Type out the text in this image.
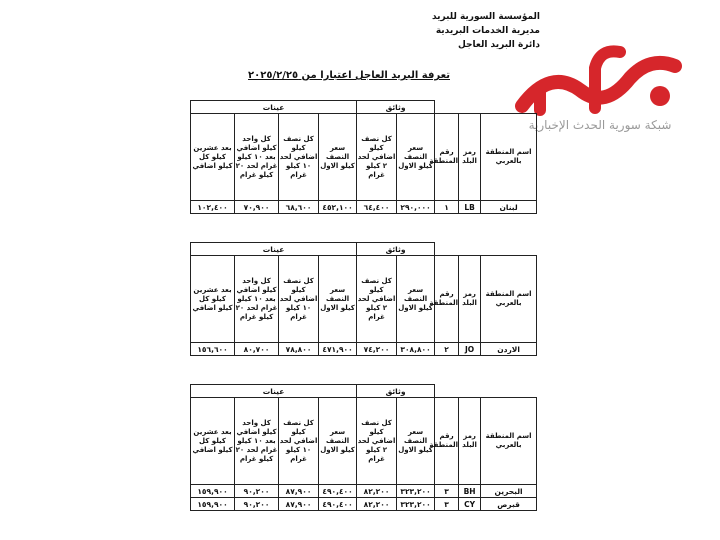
المؤسسة السورية للبريد
مديرية الخدمات البريدية
دائرة البريد العاجل
تعرفة البريد العاجل اعتبارا من ٢٠٢٥/٢/٢٥
شبكة سورية الحدث الإخبارية
			وثائق		عينات			
اسم المنطقة بالعربي	رمز البلد	رقم المنطقة	سعر النصف كيلو الاول	كل نصف كيلو اضافي لحد ٢ كيلو غرام	سعر النصف كيلو الاول	كل نصف كيلو اضافي لحد ١٠ كيلو غرام	كل واحد كيلو اضافي بعد ١٠ كيلو غرام لحد ٢٠ كيلو غرام	بعد عشرين كيلو كل كيلو اضافي
لبنان	LB	١	٢٩٠,٠٠٠	٦٤,٤٠٠	٤٥٢,١٠٠	٦٨,٦٠٠	٧٠,٩٠٠	١٠٢,٤٠٠
			وثائق		عينات			
اسم المنطقة بالعربي	رمز البلد	رقم المنطقة	سعر النصف كيلو الاول	كل نصف كيلو اضافي لحد ٢ كيلو غرام	سعر النصف كيلو الاول	كل نصف كيلو اضافي لحد ١٠ كيلو غرام	كل واحد كيلو اضافي بعد ١٠ كيلو غرام لحد ٢٠ كيلو غرام	بعد عشرين كيلو كل كيلو اضافي
الاردن	JO	٢	٣٠٨,٨٠٠	٧٤,٢٠٠	٤٧١,٩٠٠	٧٨,٨٠٠	٨٠,٧٠٠	١٥٦,٦٠٠
			وثائق		عينات			
اسم المنطقة بالعربي	رمز البلد	رقم المنطقة	سعر النصف كيلو الاول	كل نصف كيلو اضافي لحد ٢ كيلو غرام	سعر النصف كيلو الاول	كل نصف كيلو اضافي لحد ١٠ كيلو غرام	كل واحد كيلو اضافي بعد ١٠ كيلو غرام لحد ٢٠ كيلو غرام	بعد عشرين كيلو كل كيلو اضافي
البحرين	BH	٣	٣٢٣,٢٠٠	٨٢,٢٠٠	٤٩٠,٤٠٠	٨٧,٩٠٠	٩٠,٢٠٠	١٥٩,٩٠٠
قبرص	CY	٣	٣٢٣,٢٠٠	٨٢,٢٠٠	٤٩٠,٤٠٠	٨٧,٩٠٠	٩٠,٢٠٠	١٥٩,٩٠٠
